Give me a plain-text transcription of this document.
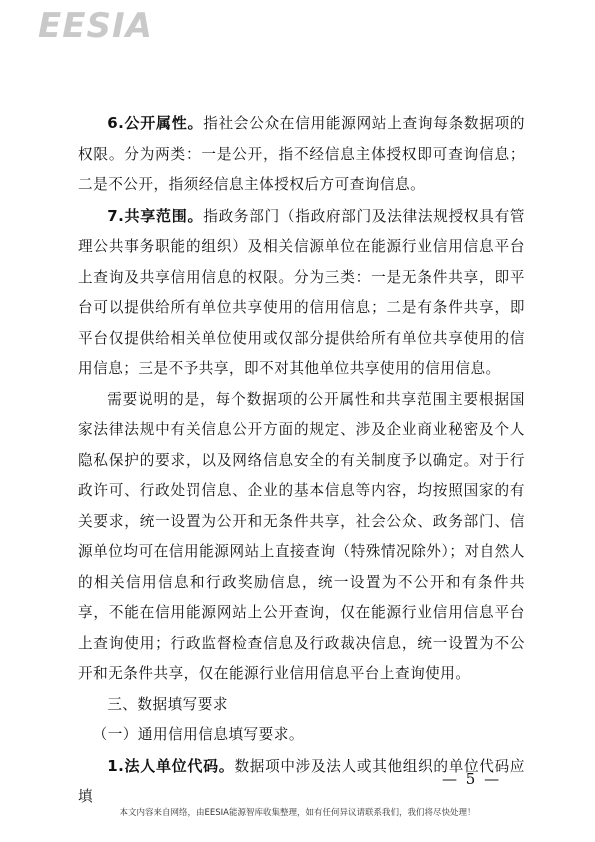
EESIA

6.公开属性。指社会公众在信用能源网站上查询每条数据项的权限。分为两类：一是公开，指不经信息主体授权即可查询信息；二是不公开，指须经信息主体授权后方可查询信息。

7.共享范围。指政务部门（指政府部门及法律法规授权具有管理公共事务职能的组织）及相关信源单位在能源行业信用信息平台上查询及共享信用信息的权限。分为三类：一是无条件共享，即平台可以提供给所有单位共享使用的信用信息；二是有条件共享，即平台仅提供给相关单位使用或仅部分提供给所有单位共享使用的信用信息；三是不予共享，即不对其他单位共享使用的信用信息。

需要说明的是，每个数据项的公开属性和共享范围主要根据国家法律法规中有关信息公开方面的规定、涉及企业商业秘密及个人隐私保护的要求，以及网络信息安全的有关制度予以确定。对于行政许可、行政处罚信息、企业的基本信息等内容，均按照国家的有关要求，统一设置为公开和无条件共享，社会公众、政务部门、信源单位均可在信用能源网站上直接查询（特殊情况除外）；对自然人的相关信用信息和行政奖励信息，统一设置为不公开和有条件共享，不能在信用能源网站上公开查询，仅在能源行业信用信息平台上查询使用；行政监督检查信息及行政裁决信息，统一设置为不公开和无条件共享，仅在能源行业信用信息平台上查询使用。

三、数据填写要求

（一）通用信用信息填写要求。

1.法人单位代码。数据项中涉及法人或其他组织的单位代码应填

— 5 —
本文内容来自网络，由EESIA能源智库收集整理，如有任何异议请联系我们，我们将尽快处理！
